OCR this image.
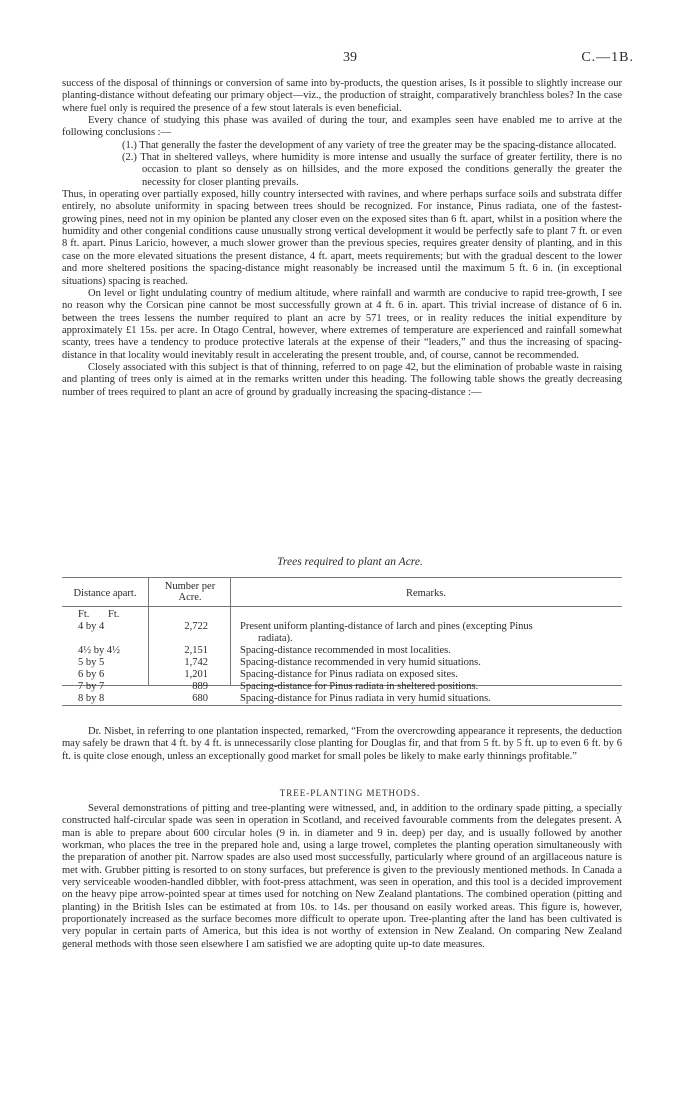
39	C.—1B.

success of the disposal of thinnings or conversion of same into by-products, the question arises, Is it possible to slightly increase our planting-distance without defeating our primary object—viz., the production of straight, comparatively branchless boles? In the case where fuel only is required the presence of a few stout laterals is even beneficial.

Every chance of studying this phase was availed of during the tour, and examples seen have enabled me to arrive at the following conclusions :—

(1.) That generally the faster the development of any variety of tree the greater may be the spacing-distance allocated.

(2.) That in sheltered valleys, where humidity is more intense and usually the surface of greater fertility, there is no occasion to plant so densely as on hillsides, and the more exposed the conditions generally the greater the necessity for closer planting prevails.

Thus, in operating over partially exposed, hilly country intersected with ravines, and where perhaps surface soils and substrata differ entirely, no absolute uniformity in spacing between trees should be recognized. For instance, Pinus radiata, one of the fastest-growing pines, need not in my opinion be planted any closer even on the exposed sites than 6 ft. apart, whilst in a position where the humidity and other congenial conditions cause unusually strong vertical development it would be perfectly safe to plant 7 ft. or even 8 ft. apart. Pinus Laricio, however, a much slower grower than the previous species, requires greater density of planting, and in this case on the more elevated situations the present distance, 4 ft. apart, meets requirements; but with the gradual descent to the lower and more sheltered positions the spacing-distance might reasonably be increased until the maximum 5 ft. 6 in. (in exceptional situations) spacing is reached.

On level or light undulating country of medium altitude, where rainfall and warmth are conducive to rapid tree-growth, I see no reason why the Corsican pine cannot be most successfully grown at 4 ft. 6 in. apart. This trivial increase of distance of 6 in. between the trees lessens the number required to plant an acre by 571 trees, or in reality reduces the initial expenditure by approximately £1 15s. per acre. In Otago Central, however, where extremes of temperature are experienced and rainfall somewhat scanty, trees have a tendency to produce protective laterals at the expense of their “leaders,” and thus the increasing of spacing-distance in that locality would inevitably result in accelerating the present trouble, and, of course, cannot be recommended.

Closely associated with this subject is that of thinning, referred to on page 42, but the elimination of probable waste in raising and planting of trees only is aimed at in the remarks written under this heading. The following table shows the greatly decreasing number of trees required to plant an acre of ground by gradually increasing the spacing-distance :—

Trees required to plant an Acre.
Distance apart.
Number per Acre.	Remarks.
Ft. Ft.
4 by 4	2,722	Present uniform planting-distance of larch and pines (excepting Pinus
radiata).
4½ by 4½	2,151	Spacing-distance recommended in most localities.
5 by 5	1,742	Spacing-distance recommended in very humid situations.
6 by 6	1,201	Spacing-distance for Pinus radiata on exposed sites.
7 by 7	889	Spacing-distance for Pinus radiata in sheltered positions.
8 by 8	680	Spacing-distance for Pinus radiata in very humid situations.

Dr. Nisbet, in referring to one plantation inspected, remarked, “From the overcrowding appearance it represents, the deduction may safely be drawn that 4 ft. by 4 ft. is unnecessarily close planting for Douglas fir, and that from 5 ft. by 5 ft. up to even 6 ft. by 6 ft. is quite close enough, unless an exceptionally good market for small poles be likely to make early thinnings profitable.”

TREE-PLANTING METHODS.

Several demonstrations of pitting and tree-planting were witnessed, and, in addition to the ordinary spade pitting, a specially constructed half-circular spade was seen in operation in Scotland, and received favourable comments from the delegates present. A man is able to prepare about 600 circular holes (9 in. in diameter and 9 in. deep) per day, and is usually followed by another workman, who places the tree in the prepared hole and, using a large trowel, completes the planting operation simultaneously with the preparation of another pit. Narrow spades are also used most successfully, particularly where ground of an argillaceous nature is met with. Grubber pitting is resorted to on stony surfaces, but preference is given to the previously mentioned methods. In Canada a very serviceable wooden-handled dibbler, with foot-press attachment, was seen in operation, and this tool is a decided improvement on the heavy pipe arrow-pointed spear at times used for notching on New Zealand plantations. The combined operation (pitting and planting) in the British Isles can be estimated at from 10s. to 14s. per thousand on easily worked areas. This figure is, however, proportionately increased as the surface becomes more difficult to operate upon. Tree-planting after the land has been cultivated is very popular in certain parts of America, but this idea is not worthy of extension in New Zealand. On comparing New Zealand general methods with those seen elsewhere I am satisfied we are adopting quite up-to date measures.
